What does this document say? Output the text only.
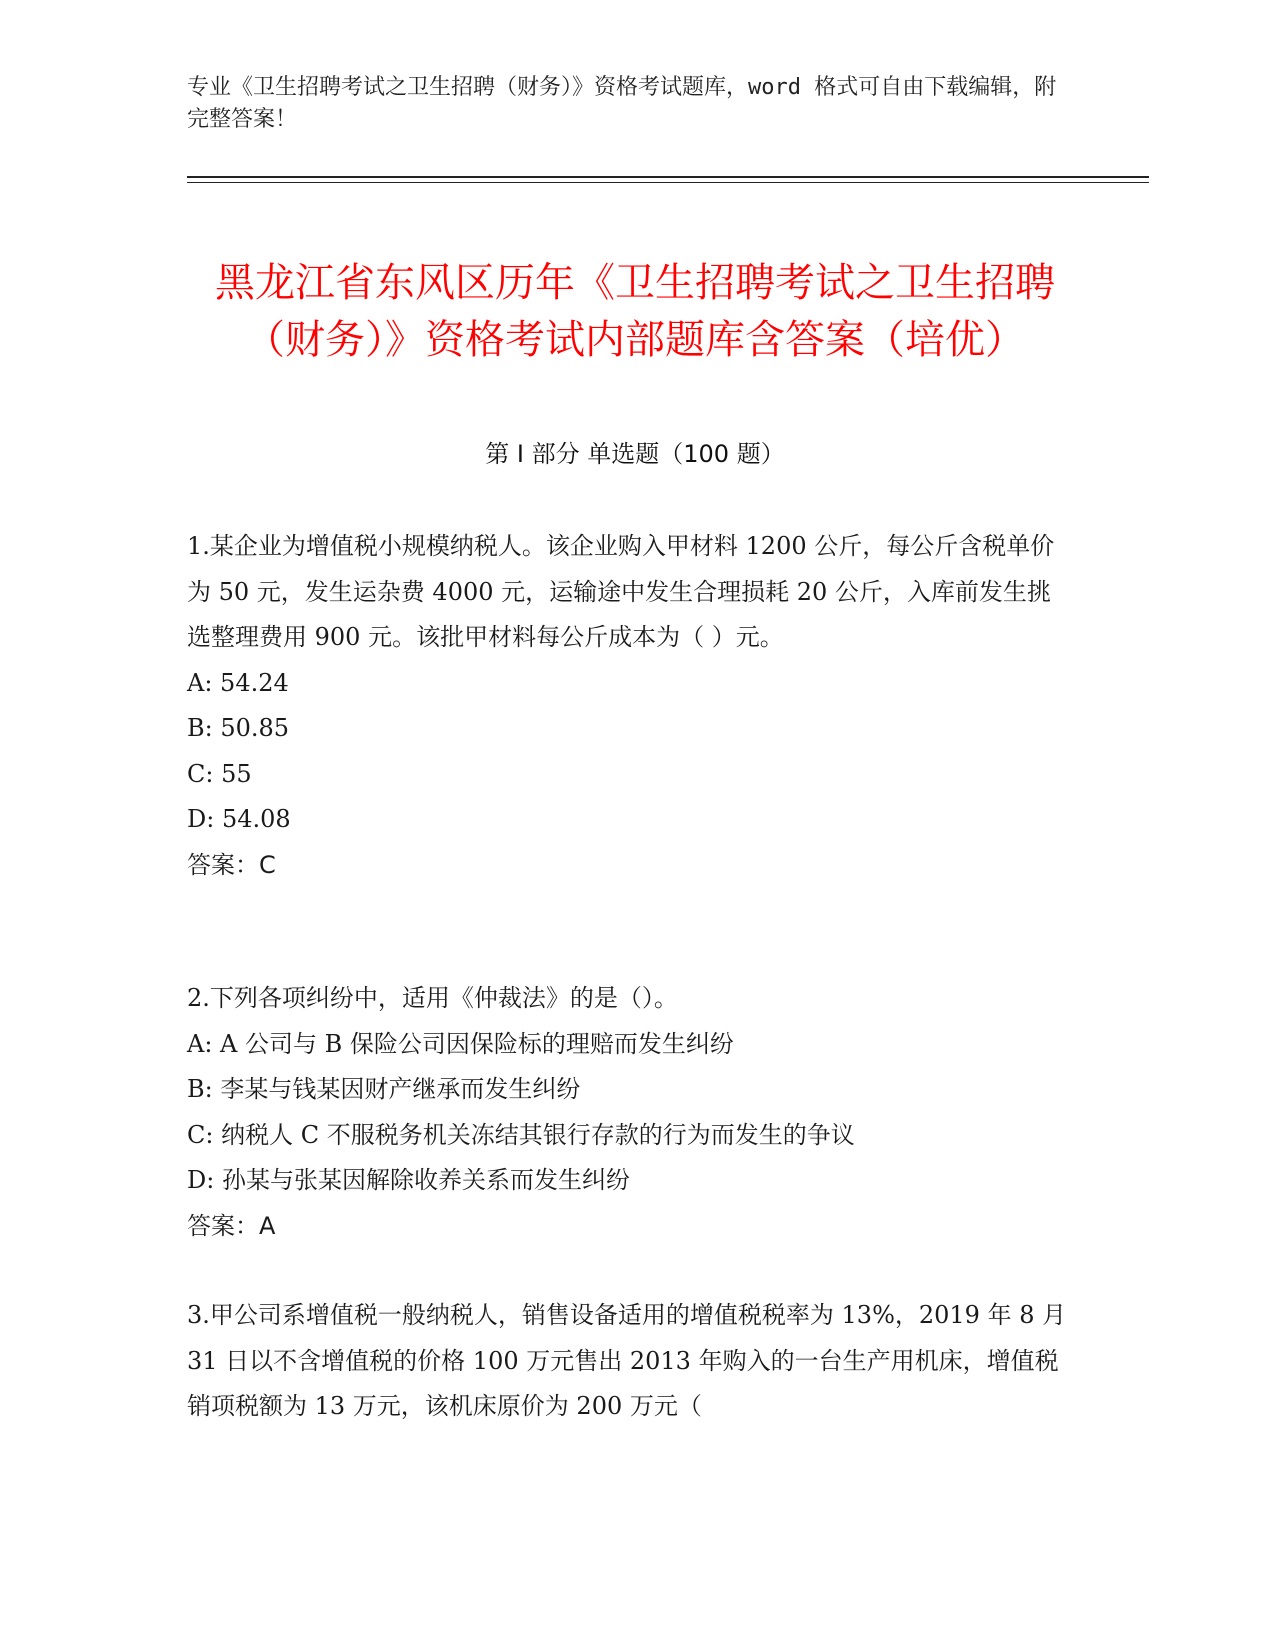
专业《卫生招聘考试之卫生招聘（财务）》资格考试题库，word 格式可自由下载编辑，附完整答案！
黑龙江省东风区历年《卫生招聘考试之卫生招聘（财务）》资格考试内部题库含答案（培优）
第 I 部分 单选题（100 题）

1.某企业为增值税小规模纳税人。该企业购入甲材料 1200 公斤，每公斤含税单价为 50 元，发生运杂费 4000 元，运输途中发生合理损耗 20 公斤，入库前发生挑选整理费用 900 元。该批甲材料每公斤成本为（ ）元。

A: 54.24

B: 50.85

C: 55

D: 54.08

答案：C

2.下列各项纠纷中，适用《仲裁法》的是（）。

A: A 公司与 B 保险公司因保险标的理赔而发生纠纷

B: 李某与钱某因财产继承而发生纠纷

C: 纳税人 C 不服税务机关冻结其银行存款的行为而发生的争议

D: 孙某与张某因解除收养关系而发生纠纷

答案：A

3.甲公司系增值税一般纳税人，销售设备适用的增值税税率为 13%，2019 年 8 月 31 日以不含增值税的价格 100 万元售出 2013 年购入的一台生产用机床，增值税销项税额为 13 万元，该机床原价为 200 万元（
